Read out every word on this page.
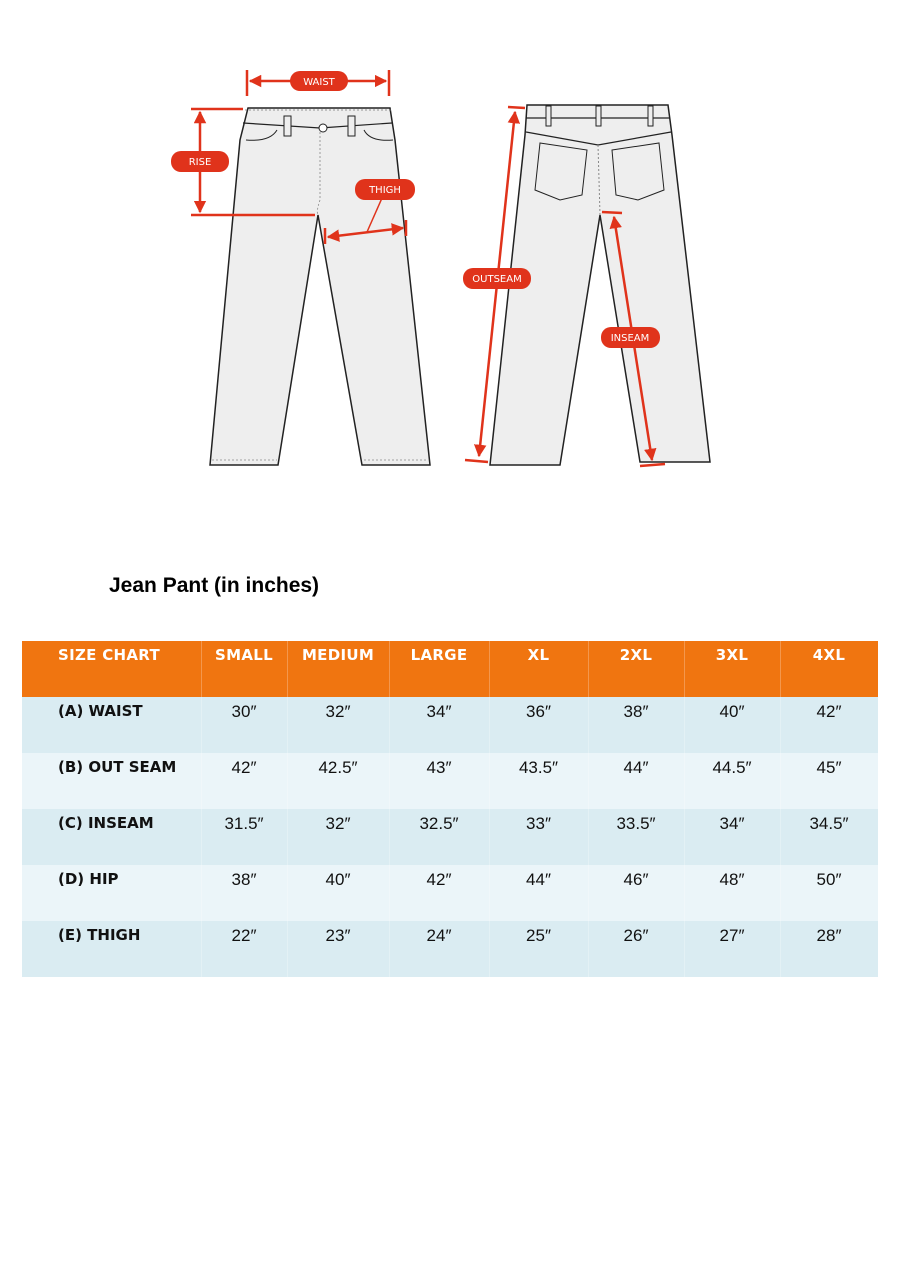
WAIST
RISE
THIGH
OUTSEAM
INSEAM
Jean Pant (in inches)
SIZE CHART	SMALL	MEDIUM	LARGE	XL	2XL	3XL	4XL
(A) WAIST	30″	32″	34″	36″	38″	40″	42″
(B) OUT SEAM	42″	42.5″	43″	43.5″	44″	44.5″	45″
(C) INSEAM	31.5″	32″	32.5″	33″	33.5″	34″	34.5″
(D) HIP	38″	40″	42″	44″	46″	48″	50″
(E) THIGH	22″	23″	24″	25″	26″	27″	28″
